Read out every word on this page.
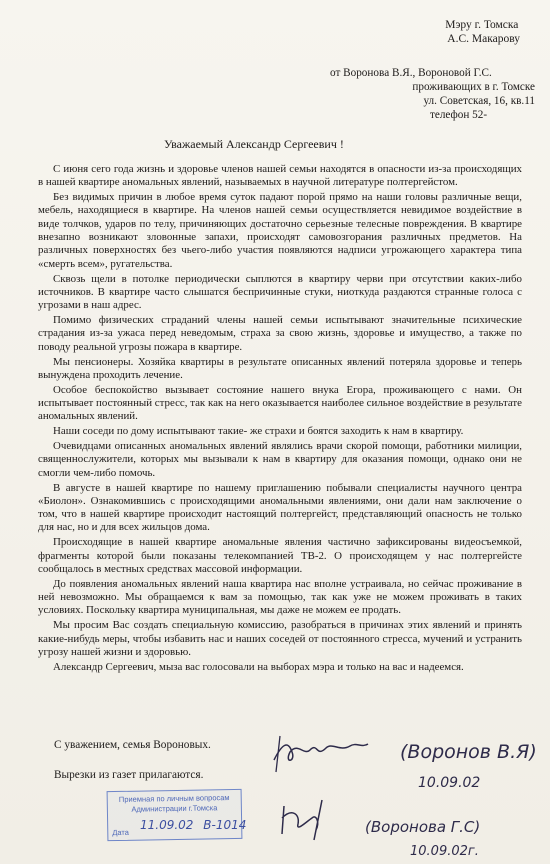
Мэру г. Томска
А.С. Макарову
от Вороновa В.Я., Вороновой Г.С.
проживающих в г. Томске
ул. Советская, 16, кв.11
телефон 52-
Уважаемый Александр Сергеевич !

С июня сего года жизнь и здоровье членов нашей семьи находятся в опасности из-за происходящих в нашей квартире аномальных явлений, называемых в научной литературе полтергейстом.

Без видимых причин в любое время суток падают порой прямо на наши головы различные вещи, мебель, находящиеся в квартире. На членов нашей семьи осуществляется невидимое воздействие в виде толчков, ударов по телу, причиняющих достаточно серьезные телесные повреждения. В квартире внезапно возникают зловонные запахи, происходят самовозгорания различных предметов. На различных поверхностях без чьего-либо участия появляются надписи угрожающего характера типа «смерть всем», ругательства.

Сквозь щели в потолке периодически сыплются в квартиру черви при отсутствии каких-либо источников. В квартире часто слышатся беспричинные стуки, ниоткуда раздаются странные голоса с угрозами в наш адрес.

Помимо физических страданий члены нашей семьи испытывают значительные психические страдания из-за ужаса перед неведомым, страха за свою жизнь, здоровье и имущество, а также по поводу реальной угрозы пожара в квартире.

Мы пенсионеры. Хозяйка квартиры в результате описанных явлений потеряла здоровье и теперь вынуждена проходить лечение.

Особое беспокойство вызывает состояние нашего внука Егора, проживающего с нами. Он испытывает постоянный стресс, так как на него оказывается наиболее сильное воздействие в результате аномальных явлений.

Наши соседи по дому испытывают такие- же страхи и боятся заходить к нам в квартиру.

Очевидцами описанных аномальных явлений являлись врачи скорой помощи, работники милиции, священнослужители, которых мы вызывали к нам в квартиру для оказания помощи, однако они не смогли чем-либо помочь.

В августе в нашей квартире по нашему приглашению побывали специалисты научного центра «Биолон». Ознакомившись с происходящими аномальными явлениями, они дали нам заключение о том, что в нашей квартире происходит настоящий полтергейст, представляющий опасность не только для нас, но и для всех жильцов дома.

Происходящие в нашей квартире аномальные явления частично зафиксированы видеосъемкой, фрагменты которой были показаны телекомпанией ТВ-2. О происходящем у нас полтергейсте сообщалось в местных средствах массовой информации.

До появления аномальных явлений наша квартира нас вполне устраивала, но сейчас проживание в ней невозможно. Мы обращаемся к вам за помощью, так как уже не можем проживать в таких условиях. Поскольку квартира муниципальная, мы даже не можем ее продать.

Мы просим Вас создать специальную комиссию, разобраться в причинах этих явлений и принять какие-нибудь меры, чтобы избавить нас и наших соседей от постоянного стресса, мучений и устранить угрозу нашей жизни и здоровью.

Александр Сергеевич, мыза вас голосовали на выборах мэра и только на вас и надеемся.

С уважением, семья Вороновых.
Вырезки из газет прилагаются.
(Воронов В.Я)
10.09.02
(Воронова Г.С)
10.09.02г.
Приемная по личным вопросам
Администрации г.Томска
Дата 11.09.02 В-1014
